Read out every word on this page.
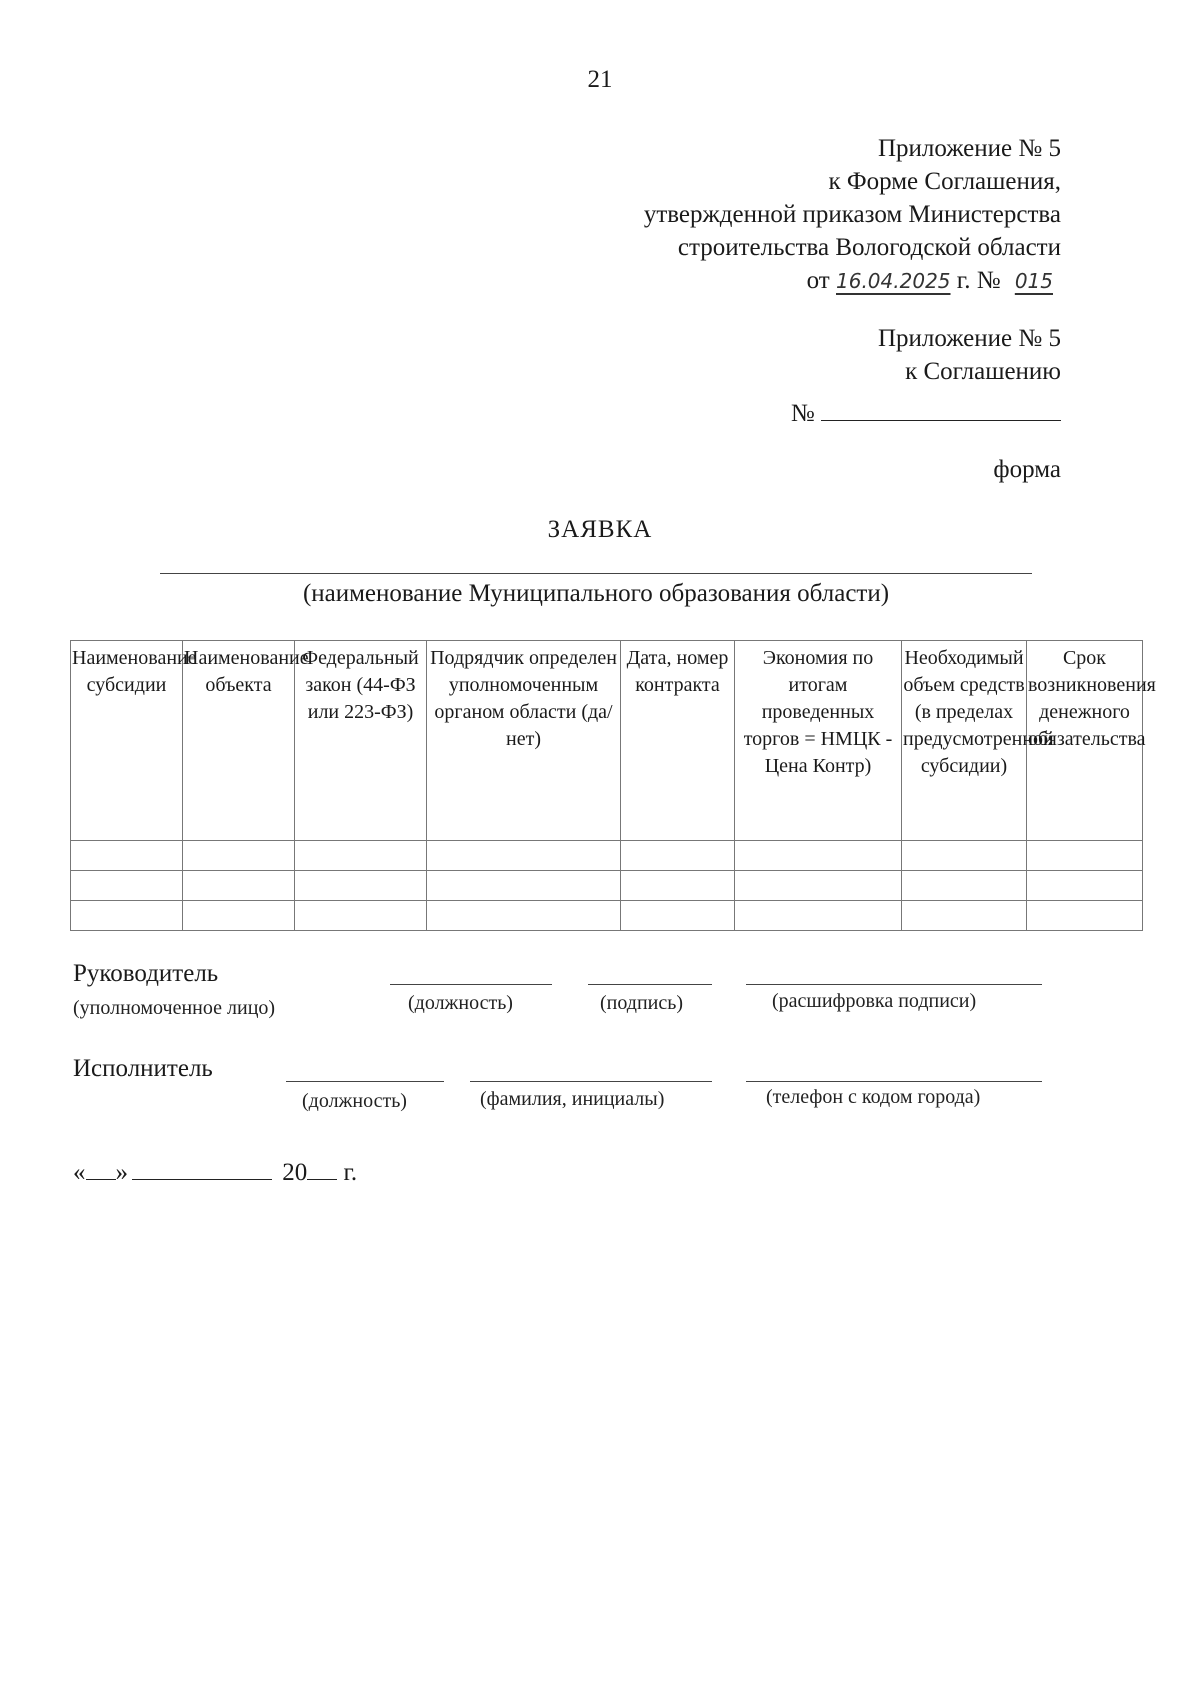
21
Приложение № 5
к Форме Соглашения,
утвержденной приказом Министерства
строительства Вологодской области
от 16.04.2025 г. № 015
Приложение № 5
к Соглашению
№
форма
ЗАЯВКА
(наименование Муниципального образования области)
Наименование субсидии	Наименование объекта	Федеральный закон (44-ФЗ или 223-ФЗ)	Подрядчик определен уполномоченным органом области (да/нет)	Дата, номер контракта	Экономия по итогам проведенных торгов = НМЦК - Цена Контр)	Необходимый объем средств (в пределах предусмотренной субсидии)	Срок возникновения денежного обязательства

Руководитель
(уполномоченное лицо)	(должность)	(подпись)	(расшифровка подписи)
Исполнитель
(должность)	(фамилия, инициалы)	(телефон с кодом города)
« »	20 г.
